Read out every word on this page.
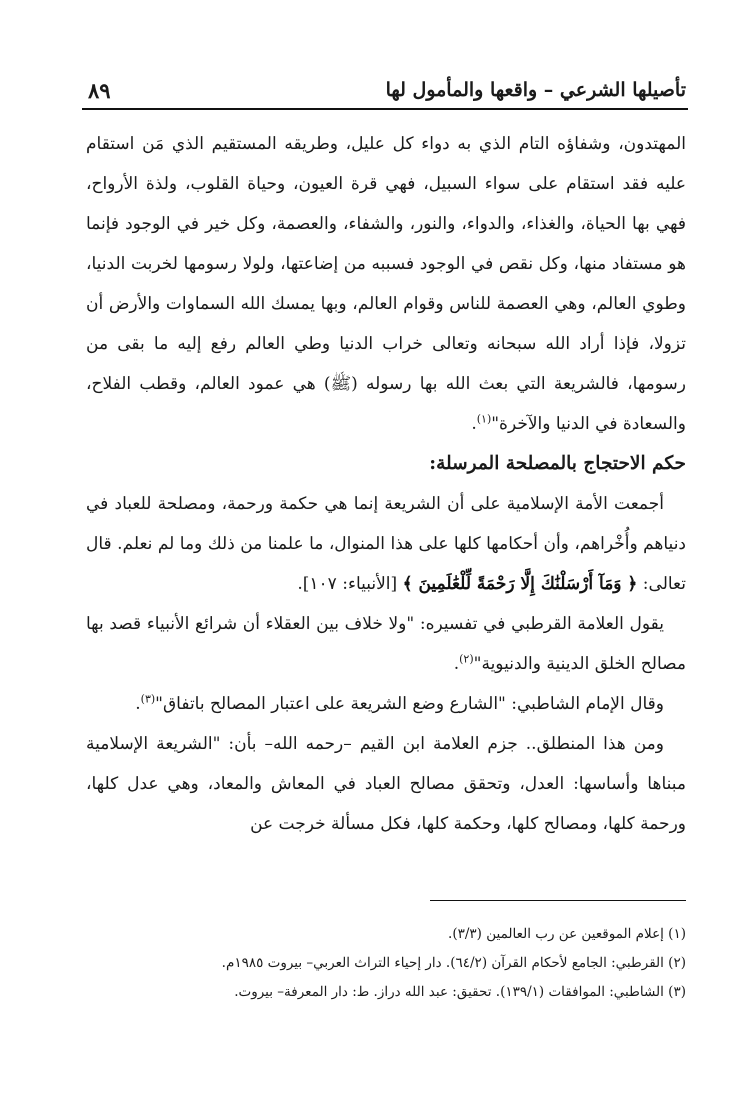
تأصيلها الشرعي – واقعها والمأمول لها
٨٩

المهتدون، وشفاؤه التام الذي به دواء كل عليل، وطريقه المستقيم الذي مَن استقام عليه فقد استقام على سواء السبيل، فهي قرة العيون، وحياة القلوب، ولذة الأرواح، فهي بها الحياة، والغذاء، والدواء، والنور، والشفاء، والعصمة، وكل خير في الوجود فإنما هو مستفاد منها، وكل نقص في الوجود فسببه من إضاعتها، ولولا رسومها لخربت الدنيا، وطوي العالم، وهي العصمة للناس وقوام العالم، وبها يمسك الله السماوات والأرض أن تزولا، فإذا أراد الله سبحانه وتعالى خراب الدنيا وطي العالم رفع إليه ما بقى من رسومها، فالشريعة التي بعث الله بها رسوله (ﷺ) هي عمود العالم، وقطب الفلاح، والسعادة في الدنيا والآخرة"$^{(١)}$.

حكم الاحتجاج بالمصلحة المرسلة:

أجمعت الأمة الإسلامية على أن الشريعة إنما هي حكمة ورحمة، ومصلحة للعباد في دنياهم وأُخْراهم، وأن أحكامها كلها على هذا المنوال، ما علمنا من ذلك وما لم نعلم. قال تعالى: ﴿ وَمَآ أَرْسَلْنَٰكَ إِلَّا رَحْمَةً لِّلْعَٰلَمِينَ ﴾ [الأنبياء: ١٠٧].

يقول العلامة القرطبي في تفسيره: "ولا خلاف بين العقلاء أن شرائع الأنبياء قصد بها مصالح الخلق الدينية والدنيوية"$^{(٢)}$.

وقال الإمام الشاطبي: "الشارع وضع الشريعة على اعتبار المصالح باتفاق"$^{(٣)}$.

ومن هذا المنطلق.. جزم العلامة ابن القيم –رحمه الله– بأن: "الشريعة الإسلامية مبناها وأساسها: العدل، وتحقق مصالح العباد في المعاش والمعاد، وهي عدل كلها، ورحمة كلها، ومصالح كلها، وحكمة كلها، فكل مسألة خرجت عن

(١) إعلام الموقعين عن رب العالمين (٣/٣).

(٢) القرطبي: الجامع لأحكام القرآن (٦٤/٢). دار إحياء التراث العربي– بيروت ١٩٨٥م.

(٣) الشاطبي: الموافقات (١٣٩/١). تحقيق: عبد الله دراز. ط: دار المعرفة– بيروت.
